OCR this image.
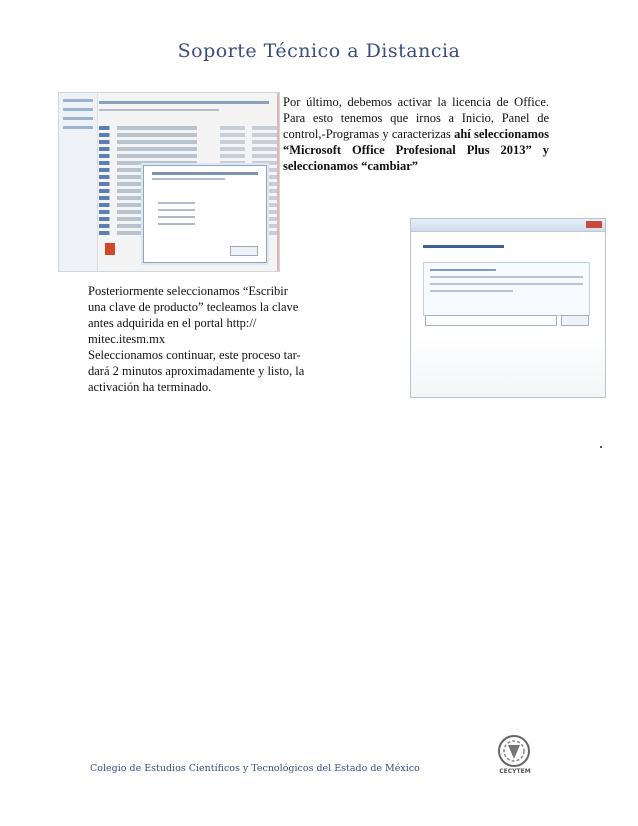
Soporte Técnico a Distancia
Por último, debemos activar la licencia de Office. Para esto tenemos que irnos a Inicio, Panel de control,-Programas y caracterizas ahí seleccionamos “Microsoft Office Profesional Plus 2013” y seleccionamos “cambiar”
Posteriormente seleccionamos “Escribir
una clave de producto” tecleamos la clave
antes adquirida en el portal http://
mitec.itesm.mx
Seleccionamos continuar, este proceso tar-
dará 2 minutos aproximadamente y listo, la
activación ha terminado.
Colegio de Estudios Científicos y Tecnológicos del Estado de México	CECYTEM
